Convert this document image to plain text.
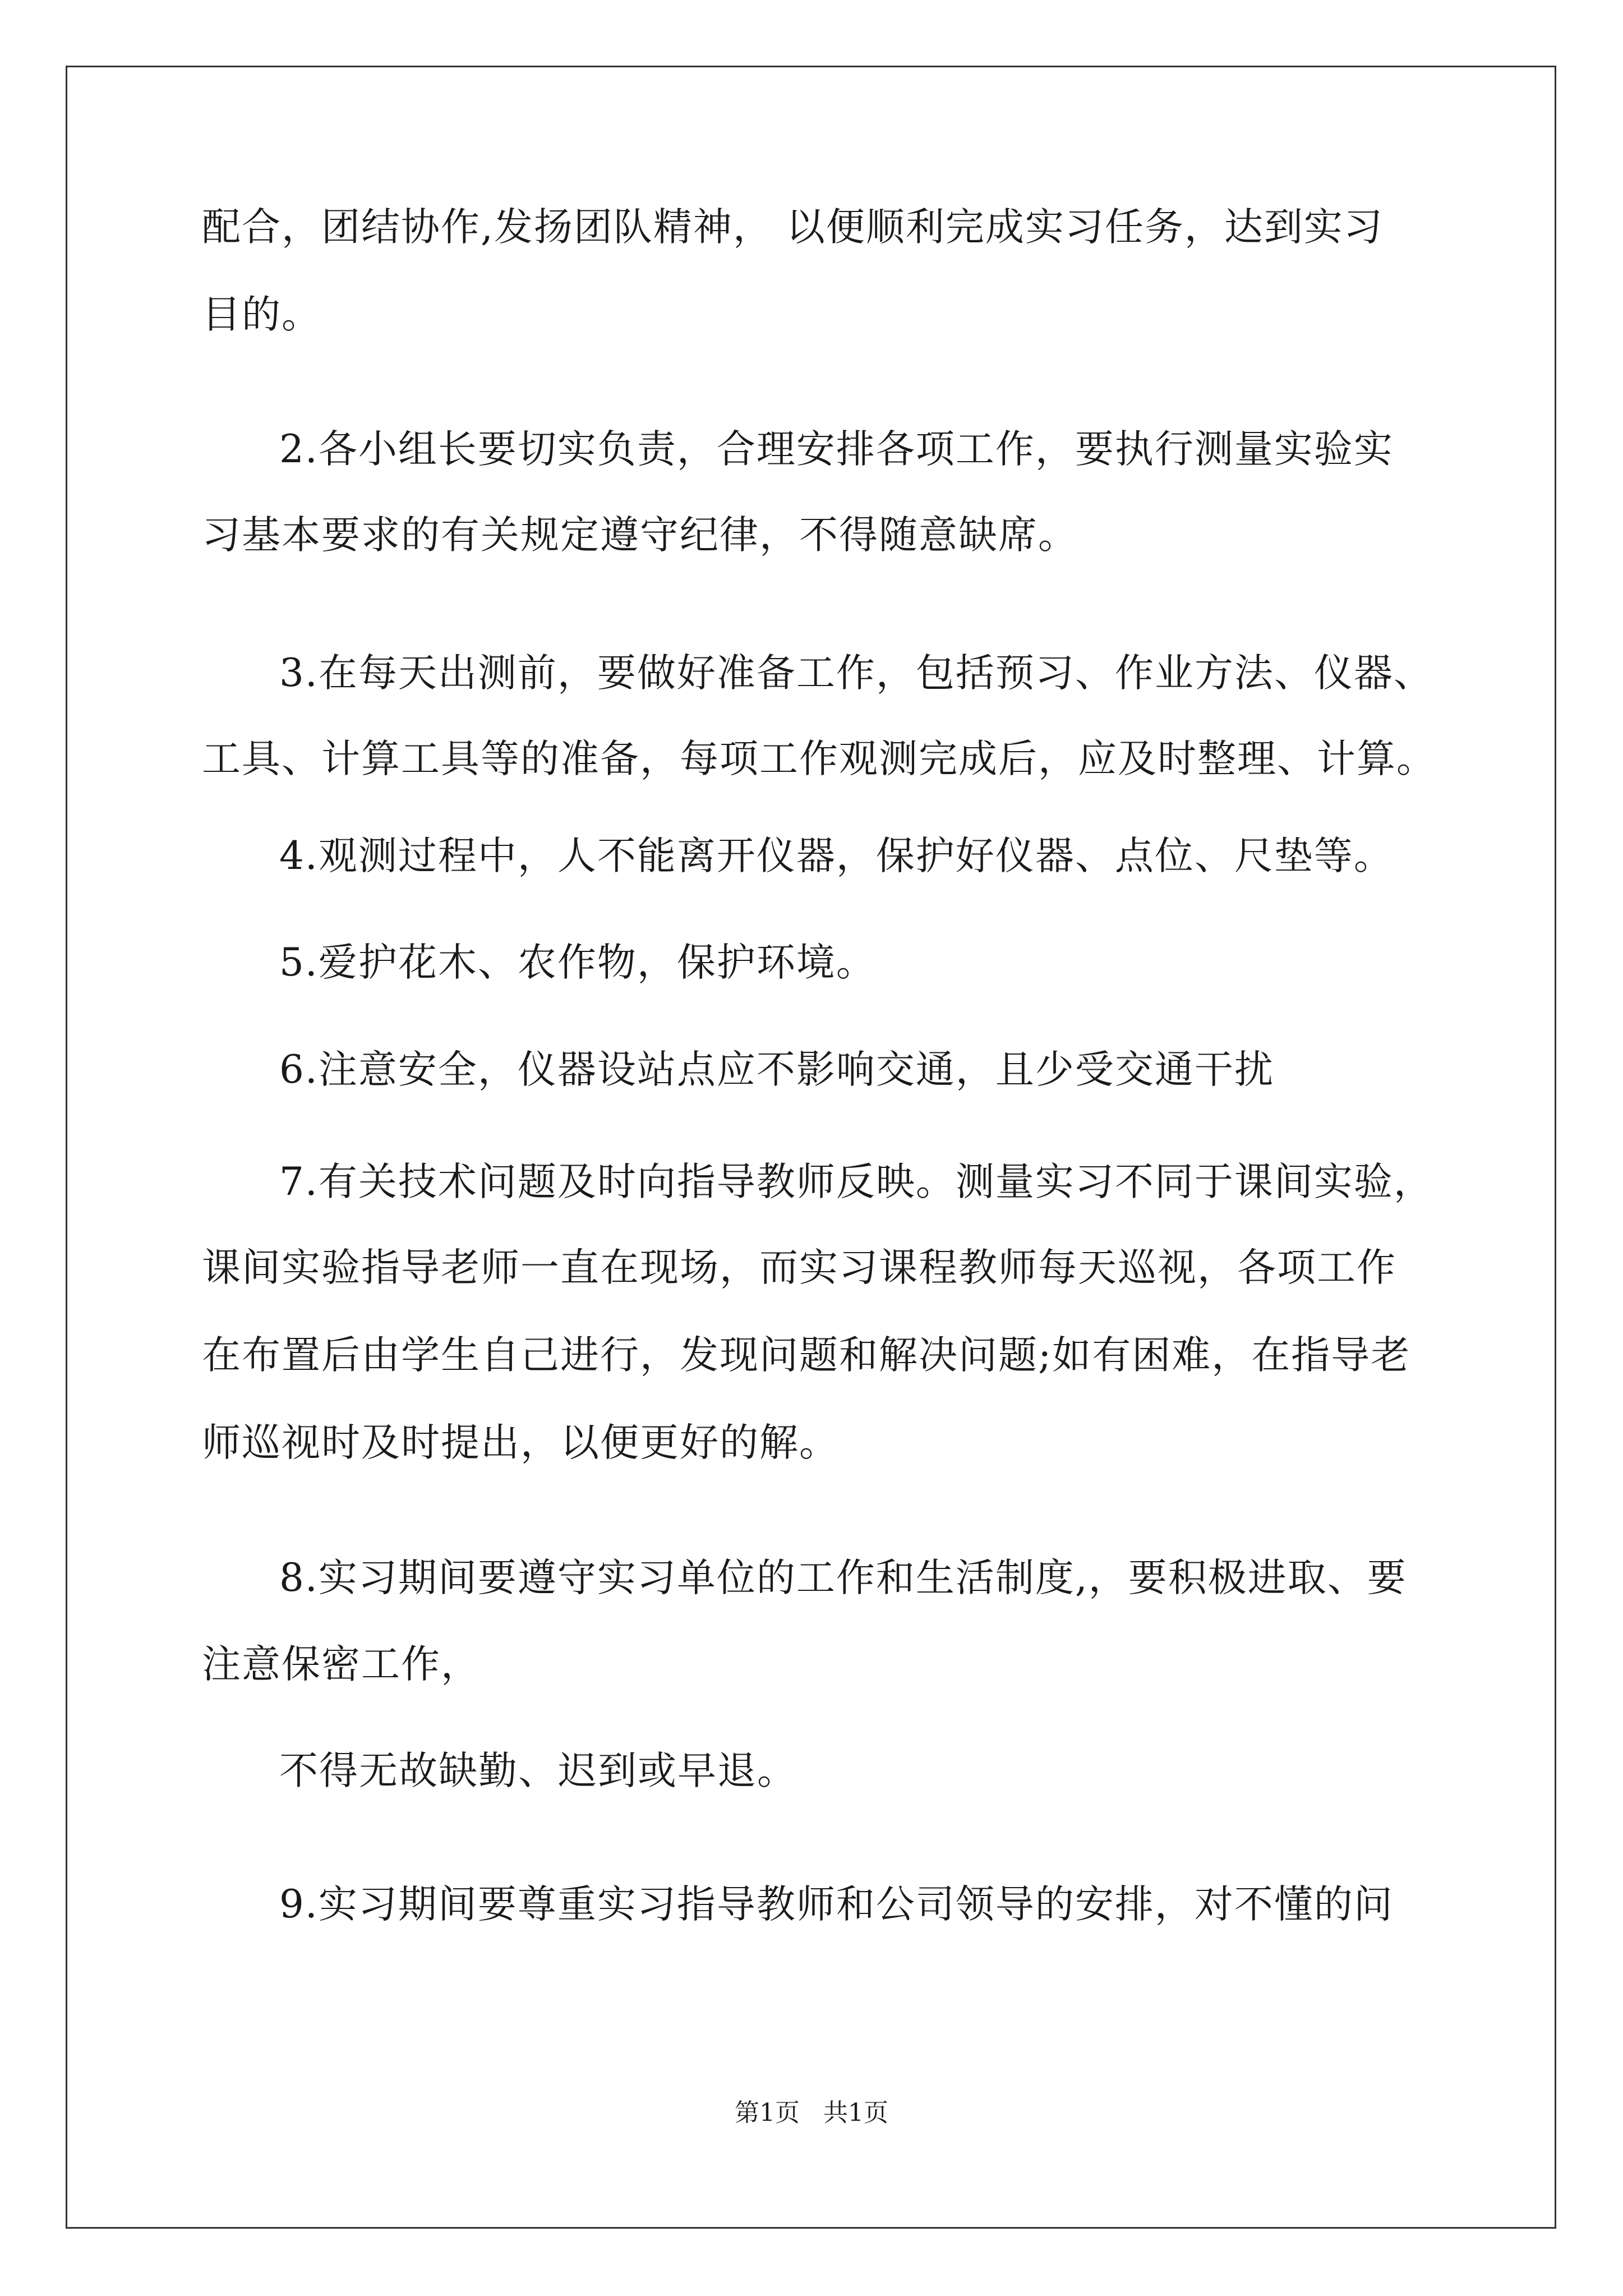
配合，团结协作,发扬团队精神， 以便顺利完成实习任务，达到实习
目的。
2.各小组长要切实负责，合理安排各项工作，要执行测量实验实
习基本要求的有关规定遵守纪律，不得随意缺席。
3.在每天出测前，要做好准备工作，包括预习、作业方法、仪器、
工具、计算工具等的准备，每项工作观测完成后，应及时整理、计算。
4.观测过程中，人不能离开仪器，保护好仪器、点位、尺垫等。
5.爱护花木、农作物，保护环境。
6.注意安全，仪器设站点应不影响交通，且少受交通干扰
7.有关技术问题及时向指导教师反映。测量实习不同于课间实验，
课间实验指导老师一直在现场，而实习课程教师每天巡视，各项工作
在布置后由学生自己进行，发现问题和解决问题;如有困难，在指导老
师巡视时及时提出，以便更好的解。
8.实习期间要遵守实习单位的工作和生活制度,，要积极进取、要
注意保密工作，
不得无故缺勤、迟到或早退。
9.实习期间要尊重实习指导教师和公司领导的安排，对不懂的问
第1页   共1页
